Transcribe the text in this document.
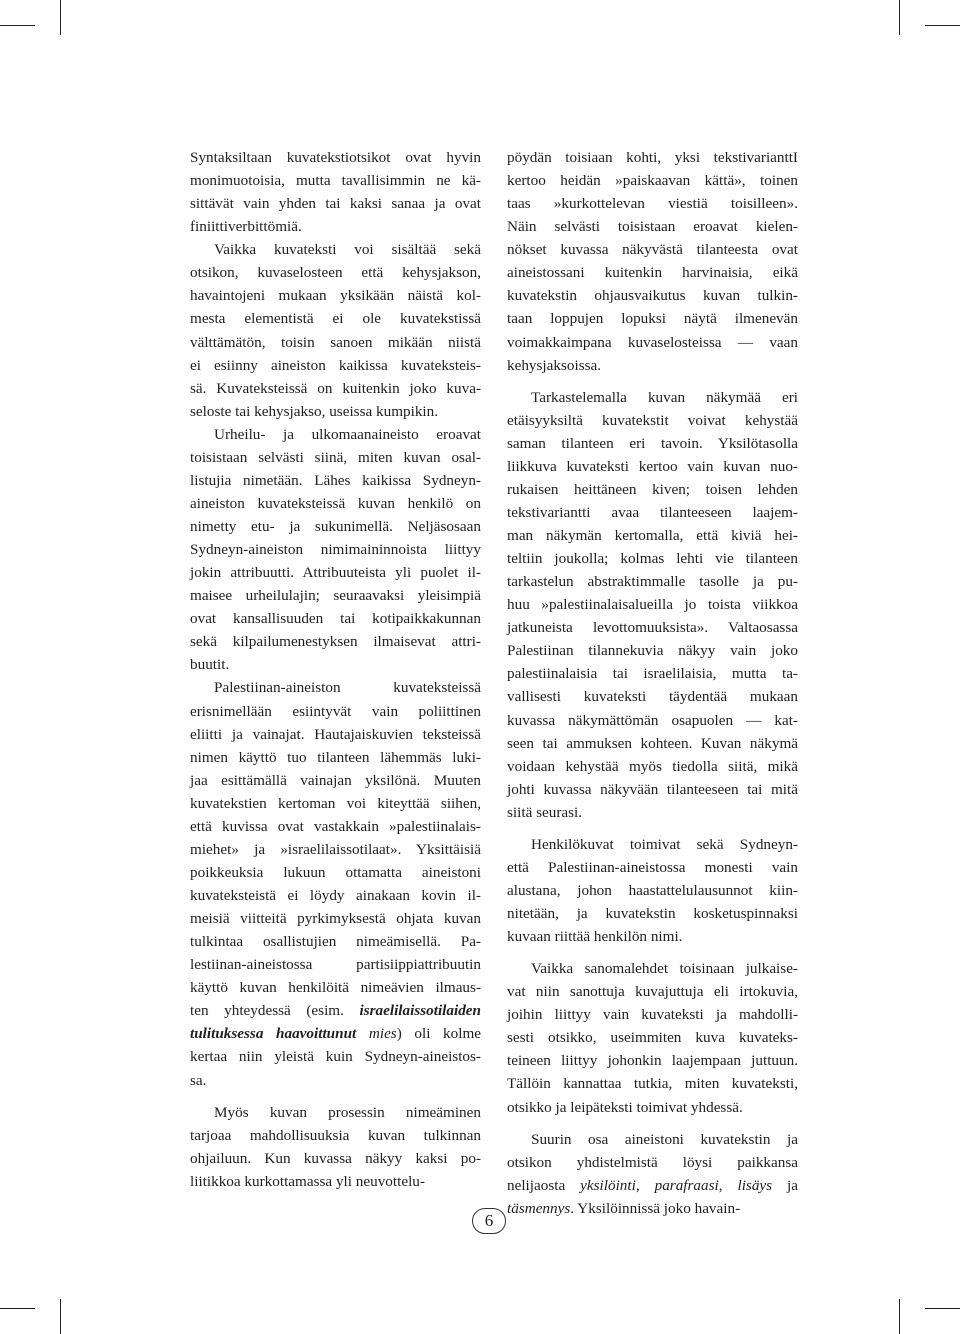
Syntaksiltaan kuvatekstiotsikot ovat hyvin
monimuotoisia, mutta tavallisimmin ne kä-
sittävät vain yhden tai kaksi sanaa ja ovat
finiittiverbittömiä.
Vaikka kuvateksti voi sisältää sekä
otsikon, kuvaselosteen että kehysjakson,
havaintojeni mukaan yksikään näistä kol-
mesta elementistä ei ole kuvatekstissä
välttämätön, toisin sanoen mikään niistä
ei esiinny aineiston kaikissa kuvateksteis-
sä. Kuvateksteissä on kuitenkin joko kuva-
seloste tai kehysjakso, useissa kumpikin.
Urheilu- ja ulkomaanaineisto eroavat
toisistaan selvästi siinä, miten kuvan osal-
listujia nimetään. Lähes kaikissa Sydneyn-
aineiston kuvateksteissä kuvan henkilö on
nimetty etu- ja sukunimellä. Neljäsosaan
Sydneyn-aineiston nimimaininnoista liittyy
jokin attribuutti. Attribuuteista yli puolet il-
maisee urheilulajin; seuraavaksi yleisimpiä
ovat kansallisuuden tai kotipaikkakunnan
sekä kilpailumenestyksen ilmaisevat attri-
buutit.
Palestiinan-aineiston kuvateksteissä
erisnimellään esiintyvät vain poliittinen
eliitti ja vainajat. Hautajaiskuvien teksteissä
nimen käyttö tuo tilanteen lähemmäs luki-
jaa esittämällä vainajan yksilönä. Muuten
kuvatekstien kertoman voi kiteyttää siihen,
että kuvissa ovat vastakkain »palestiinalais-
miehet» ja »israelilaissotilaat». Yksittäisiä
poikkeuksia lukuun ottamatta aineistoni
kuvateksteistä ei löydy ainakaan kovin il-
meisiä viitteitä pyrkimyksestä ohjata kuvan
tulkintaa osallistujien nimeämisellä. Pa-
lestiinan-aineistossa partisiippiattribuutin
käyttö kuvan henkilöitä nimeävien ilmaus-
ten yhteydessä (esim. israelilaissotilaiden
tulituksessa haavoittunut mies) oli kolme
kertaa niin yleistä kuin Sydneyn-aineistos-
sa.
Myös kuvan prosessin nimeäminen
tarjoaa mahdollisuuksia kuvan tulkinnan
ohjailuun. Kun kuvassa näkyy kaksi po-
liitikkoa kurkottamassa yli neuvottelu-
pöydän toisiaan kohti, yksi tekstivarianttI
kertoo heidän »paiskaavan kättä», toinen
taas »kurkottelevan viestiä toisilleen».
Näin selvästi toisistaan eroavat kielen-
nökset kuvassa näkyvästä tilanteesta ovat
aineistossani kuitenkin harvinaisia, eikä
kuvatekstin ohjausvaikutus kuvan tulkin-
taan loppujen lopuksi näytä ilmenevän
voimakkaimpana kuvaselosteissa — vaan
kehysjaksoissa.
Tarkastelemalla kuvan näkymää eri
etäisyyksiltä kuvatekstit voivat kehystää
saman tilanteen eri tavoin. Yksilötasolla
liikkuva kuvateksti kertoo vain kuvan nuo-
rukaisen heittäneen kiven; toisen lehden
tekstivariantti avaa tilanteeseen laajem-
man näkymän kertomalla, että kiviä hei-
teltiin joukolla; kolmas lehti vie tilanteen
tarkastelun abstraktimmalle tasolle ja pu-
huu »palestiinalaisalueilla jo toista viikkoa
jatkuneista levottomuuksista». Valtaosassa
Palestiinan tilannekuvia näkyy vain joko
palestiinalaisia tai israelilaisia, mutta ta-
vallisesti kuvateksti täydentää mukaan
kuvassa näkymättömän osapuolen — kat-
seen tai ammuksen kohteen. Kuvan näkymä
voidaan kehystää myös tiedolla siitä, mikä
johti kuvassa näkyvään tilanteeseen tai mitä
siitä seurasi.
Henkilökuvat toimivat sekä Sydneyn-
että Palestiinan-aineistossa monesti vain
alustana, johon haastattelulausunnot kiin-
nitetään, ja kuvatekstin kosketuspinnaksi
kuvaan riittää henkilön nimi.
Vaikka sanomalehdet toisinaan julkaise-
vat niin sanottuja kuvajuttuja eli irtokuvia,
joihin liittyy vain kuvateksti ja mahdolli-
sesti otsikko, useimmiten kuva kuvateks-
teineen liittyy johonkin laajempaan juttuun.
Tällöin kannattaa tutkia, miten kuvateksti,
otsikko ja leipäteksti toimivat yhdessä.
Suurin osa aineistoni kuvatekstin ja
otsikon yhdistelmistä löysi paikkansa
nelijaosta yksilöinti, parafraasi, lisäys ja
täsmennys. Yksilöinnissä joko havain-
6
